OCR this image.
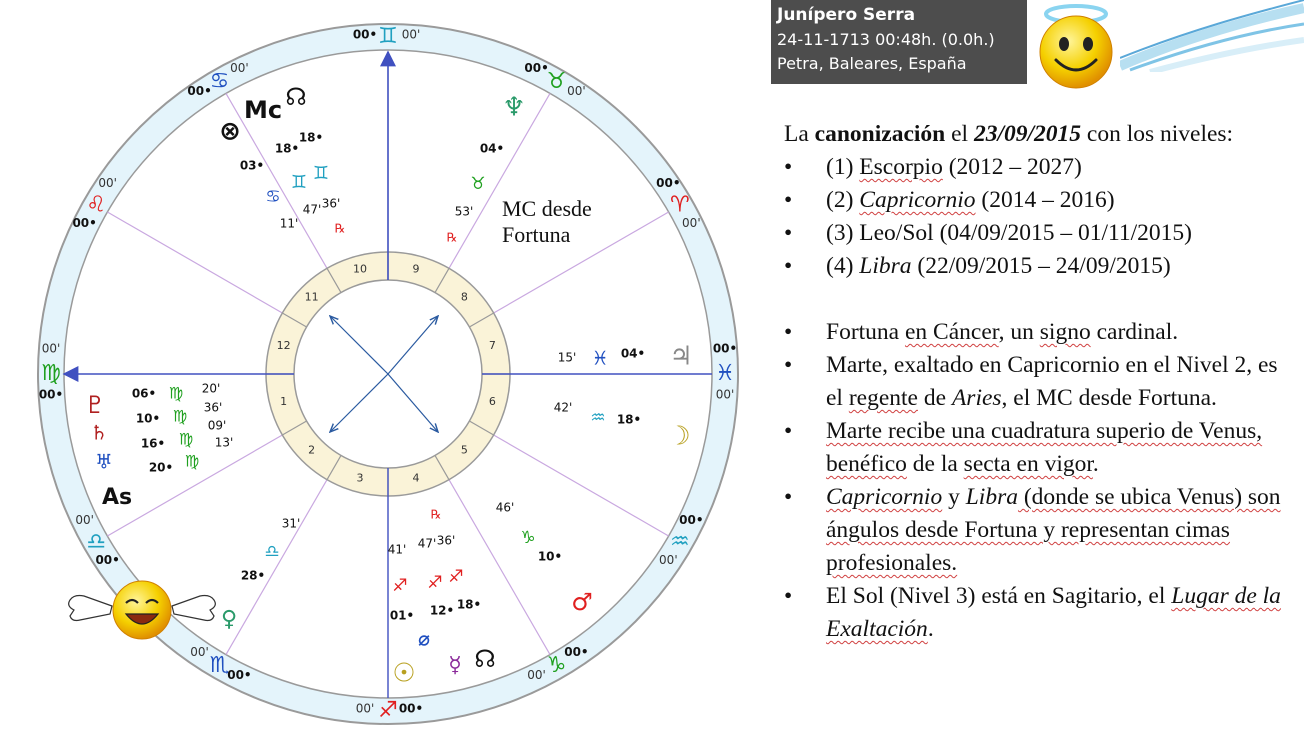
♊
00• 00'
♉
00•
00'
♈
00•
00'
♓
00•
00'
♒
00•
00'
♑
00•
00'
♐ 00•
00'
♏
00•
00'
♎
00•
00'
♍
00•
00'
♌
00•
00'
♋
00•
00'
1
2
3	4
5
6
7
8
9
10
11
12
Mc ☊
⊗
18•
18•
03•
♊ ♊
♋
47' 36'
11'	℞
♆
04•
♉
53'
℞
15' ♓ 04• ♃
42'
♒ 18•
☽
♇
♄
♅
As
06•
10•
16•
20•
♍
♍
♍
♍
20'
36'
09'
13'
31'
♎
28•
♀
℞
41' 47' 36'
♐ ♐ ♐
01• 12• 18•
⌀
☉ ☿ ☊
46'
♑
10•
♂
MC desde
Fortuna
Junípero Serra
24-11-1713 00:48h. (0.0h.)
Petra, Baleares, España

La canonización el 23/09/2015 con los niveles:

• (1) Escorpio (2012 – 2027)

• (2) Capricornio (2014 – 2016)

• (3) Leo/Sol (04/09/2015 – 01/11/2015)

• (4) Libra (22/09/2015 – 24/09/2015)

• Fortuna en Cáncer, un signo cardinal.

• Marte, exaltado en Capricornio en el Nivel 2, es el regente de Aries, el MC desde Fortuna.

• Marte recibe una cuadratura superio de Venus, benéfico de la secta en vigor.

• Capricornio y Libra (donde se ubica Venus) son ángulos desde Fortuna y representan cimas profesionales.

• El Sol (Nivel 3) está en Sagitario, el Lugar de la Exaltación.
